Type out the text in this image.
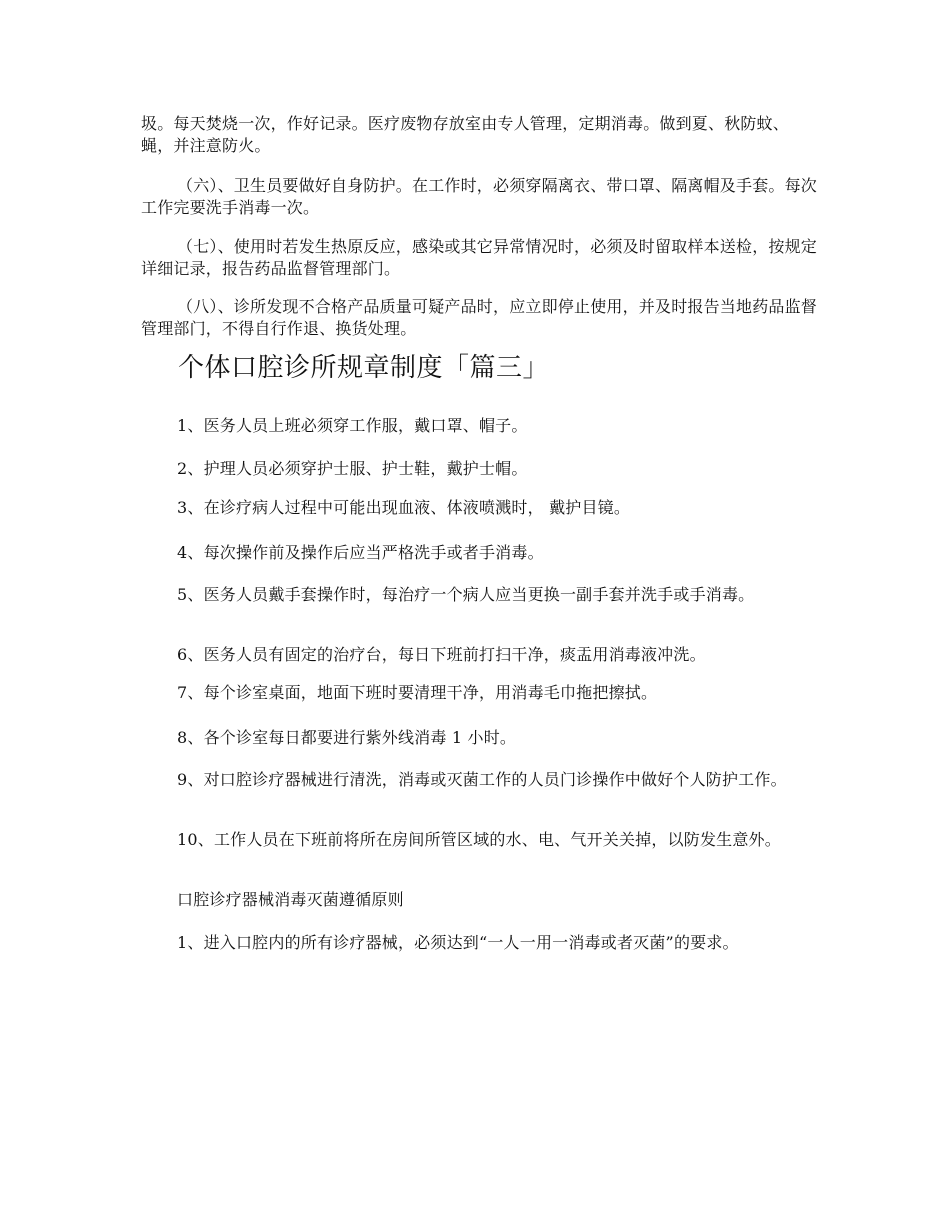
圾。每天焚烧一次，作好记录。医疗废物存放室由专人管理，定期消毒。做到夏、秋防蚊、蝇，并注意防火。

（六）、卫生员要做好自身防护。在工作时，必须穿隔离衣、带口罩、隔离帽及手套。每次工作完要洗手消毒一次。

（七）、使用时若发生热原反应，感染或其它异常情况时，必须及时留取样本送检，按规定详细记录，报告药品监督管理部门。

（八）、诊所发现不合格产品质量可疑产品时，应立即停止使用，并及时报告当地药品监督管理部门，不得自行作退、换货处理。

个体口腔诊所规章制度「篇三」

1、医务人员上班必须穿工作服，戴口罩、帽子。

2、护理人员必须穿护士服、护士鞋，戴护士帽。

3、在诊疗病人过程中可能出现血液、体液喷溅时， 戴护目镜。

4、每次操作前及操作后应当严格洗手或者手消毒。

5、医务人员戴手套操作时，每治疗一个病人应当更换一副手套并洗手或手消毒。

6、医务人员有固定的治疗台，每日下班前打扫干净，痰盂用消毒液冲洗。

7、每个诊室桌面，地面下班时要清理干净，用消毒毛巾拖把擦拭。

8、各个诊室每日都要进行紫外线消毒 1 小时。

9、对口腔诊疗器械进行清洗，消毒或灭菌工作的人员门诊操作中做好个人防护工作。

10、工作人员在下班前将所在房间所管区域的水、电、气开关关掉，以防发生意外。

口腔诊疗器械消毒灭菌遵循原则

1、进入口腔内的所有诊疗器械，必须达到“一人一用一消毒或者灭菌”的要求。
